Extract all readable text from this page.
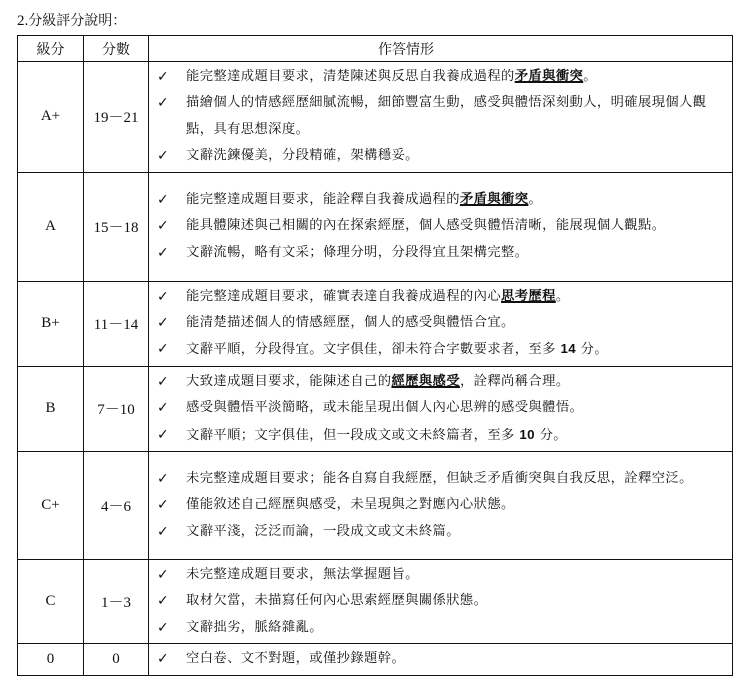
2.分級評分說明：
級分	分數	作答情形
A+	19－21	
✓ 能完整達成題目要求，清楚陳述與反思自我養成過程的矛盾與衝突。
✓ 描繪個人的情感經歷細膩流暢，細節豐富生動，感受與體悟深刻動人，明確展現個人觀點，具有思想深度。
✓ 文辭洗鍊優美，分段精確，架構穩妥。

A	15－18	
✓ 能完整達成題目要求，能詮釋自我養成過程的矛盾與衝突。
✓ 能具體陳述與己相關的內在探索經歷，個人感受與體悟清晰，能展現個人觀點。
✓ 文辭流暢，略有文采；條理分明，分段得宜且架構完整。

B+	11－14	
✓ 能完整達成題目要求，確實表達自我養成過程的內心思考歷程。
✓ 能清楚描述個人的情感經歷，個人的感受與體悟合宜。
✓ 文辭平順，分段得宜。文字俱佳，卻未符合字數要求者，至多 14 分。

B	7－10	
✓ 大致達成題目要求，能陳述自己的經歷與感受，詮釋尚稱合理。
✓ 感受與體悟平淡簡略，或未能呈現出個人內心思辨的感受與體悟。
✓ 文辭平順；文字俱佳，但一段成文或文未終篇者，至多 10 分。

C+	4－6	
✓ 未完整達成題目要求；能各自寫自我經歷，但缺乏矛盾衝突與自我反思，詮釋空泛。
✓ 僅能敘述自己經歷與感受，未呈現與之對應內心狀態。
✓ 文辭平淺，泛泛而論，一段成文或文未終篇。

C	1－3	
✓ 未完整達成題目要求，無法掌握題旨。
✓ 取材欠當，未描寫任何內心思索經歷與關係狀態。
✓ 文辭拙劣，脈絡雜亂。

0	0	✓ 空白卷、文不對題，或僅抄錄題幹。
